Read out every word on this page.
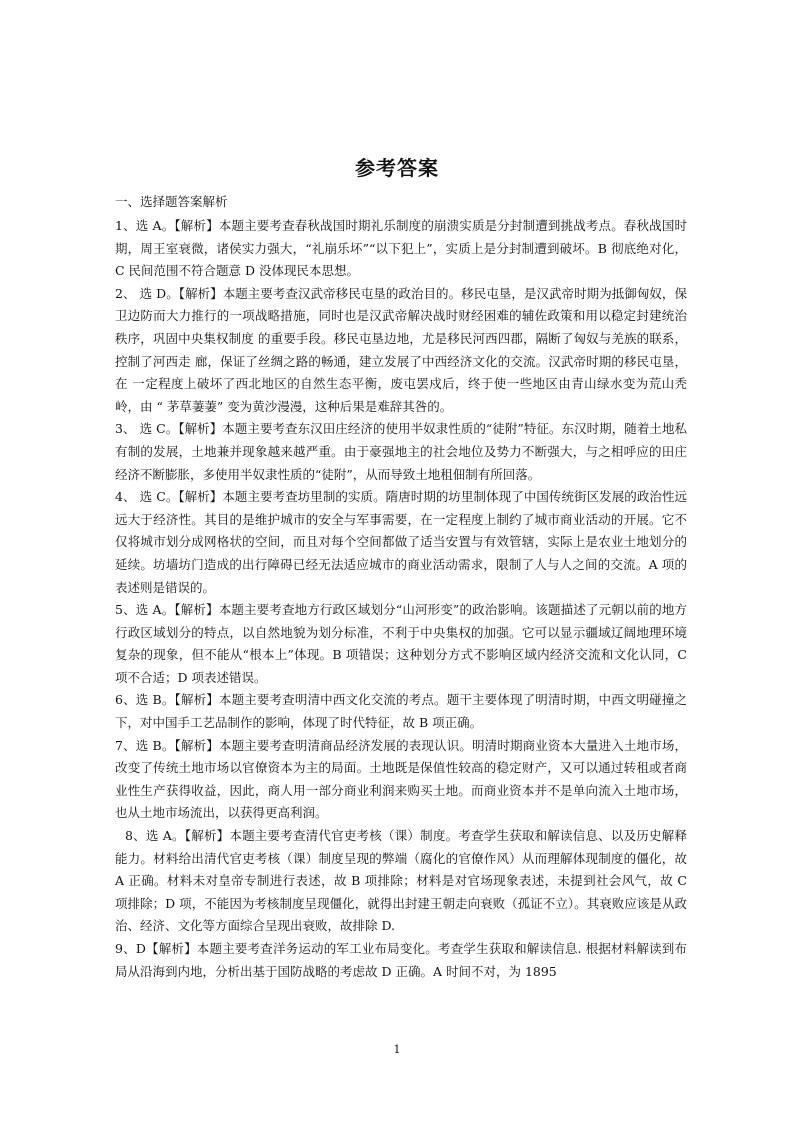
参考答案
一、选择题答案解析

1、选 A。【解析】本题主要考查春秋战国时期礼乐制度的崩溃实质是分封制遭到挑战考点。春秋战国时期，周王室衰微，诸侯实力强大，“礼崩乐坏”“以下犯上”，实质上是分封制遭到破坏。B 彻底绝对化，C 民间范围不符合题意 D 没体现民本思想。

2、 选 D。【解析】本题主要考查汉武帝移民屯垦的政治目的。移民屯垦，是汉武帝时期为抵御匈奴，保卫边防而大力推行的一项战略措施，同时也是汉武帝解决战时财经困难的辅佐政策和用以稳定封建统治秩序，巩固中央集权制度 的重要手段。移民屯垦边地，尤是移民河西四郡，隔断了匈奴与羌族的联系，控制了河西走 廊，保证了丝绸之路的畅通，建立发展了中西经济文化的交流。汉武帝时期的移民屯垦，在 一定程度上破坏了西北地区的自然生态平衡，废屯罢戍后，终于使一些地区由青山绿水变为荒山秃岭，由 “ 茅草萋萋” 变为黄沙漫漫，这种后果是难辞其咎的。

3、 选 C。【解析】本题主要考查东汉田庄经济的使用半奴隶性质的“徒附”特征。东汉时期，随着土地私有制的发展，土地兼并现象越来越严重。由于豪强地主的社会地位及势力不断强大，与之相呼应的田庄经济不断膨胀，多使用半奴隶性质的“徒附”，从而导致土地租佃制有所回落。

4、 选 C。【解析】本题主要考查坊里制的实质。隋唐时期的坊里制体现了中国传统街区发展的政治性远远大于经济性。其目的是维护城市的安全与军事需要，在一定程度上制约了城市商业活动的开展。它不仅将城市划分成网格状的空间，而且对每个空间都做了适当安置与有效管辖，实际上是农业土地划分的延续。坊墙坊门造成的出行障碍已经无法适应城市的商业活动需求，限制了人与人之间的交流。A 项的表述则是错误的。

5、选 A。【解析】本题主要考查地方行政区域划分“山河形变”的政治影响。该题描述了元朝以前的地方行政区域划分的特点，以自然地貌为划分标准，不利于中央集权的加强。它可以显示疆域辽阔地理环境复杂的现象，但不能从“根本上”体现。B 项错误；这种划分方式不影响区域内经济交流和文化认同，C 项不合适；D 项表述错误。

6、选 B。【解析】本题主要考查明清中西文化交流的考点。题干主要体现了明清时期，中西文明碰撞之下，对中国手工艺品制作的影响，体现了时代特征，故 B 项正确。

7、选 B。【解析】本题主要考查明清商品经济发展的表现认识。明清时期商业资本大量进入土地市场，改变了传统土地市场以官僚资本为主的局面。土地既是保值性较高的稳定财产，又可以通过转租或者商业性生产获得收益，因此，商人用一部分商业利润来购买土地。而商业资本并不是单向流入土地市场，也从土地市场流出，以获得更高利润。

8、选 A。【解析】本题主要考查清代官吏考核（课）制度。考查学生获取和解读信息、以及历史解释能力。材料给出清代官吏考核（课）制度呈现的弊端（腐化的官僚作风）从而理解体现制度的僵化，故 A 正确。材料未对皇帝专制进行表述，故 B 项排除；材料是对官场现象表述，未提到社会风气，故 C 项排除；D 项，不能因为考核制度呈现僵化，就得出封建王朝走向衰败（孤证不立）。其衰败应该是从政治、经济、文化等方面综合呈现出衰败，故排除 D.

9、D【解析】本题主要考查洋务运动的军工业布局变化。考查学生获取和解读信息. 根据材料解读到布局从沿海到内地，分析出基于国防战略的考虑故 D 正确。A 时间不对，为 1895

1
